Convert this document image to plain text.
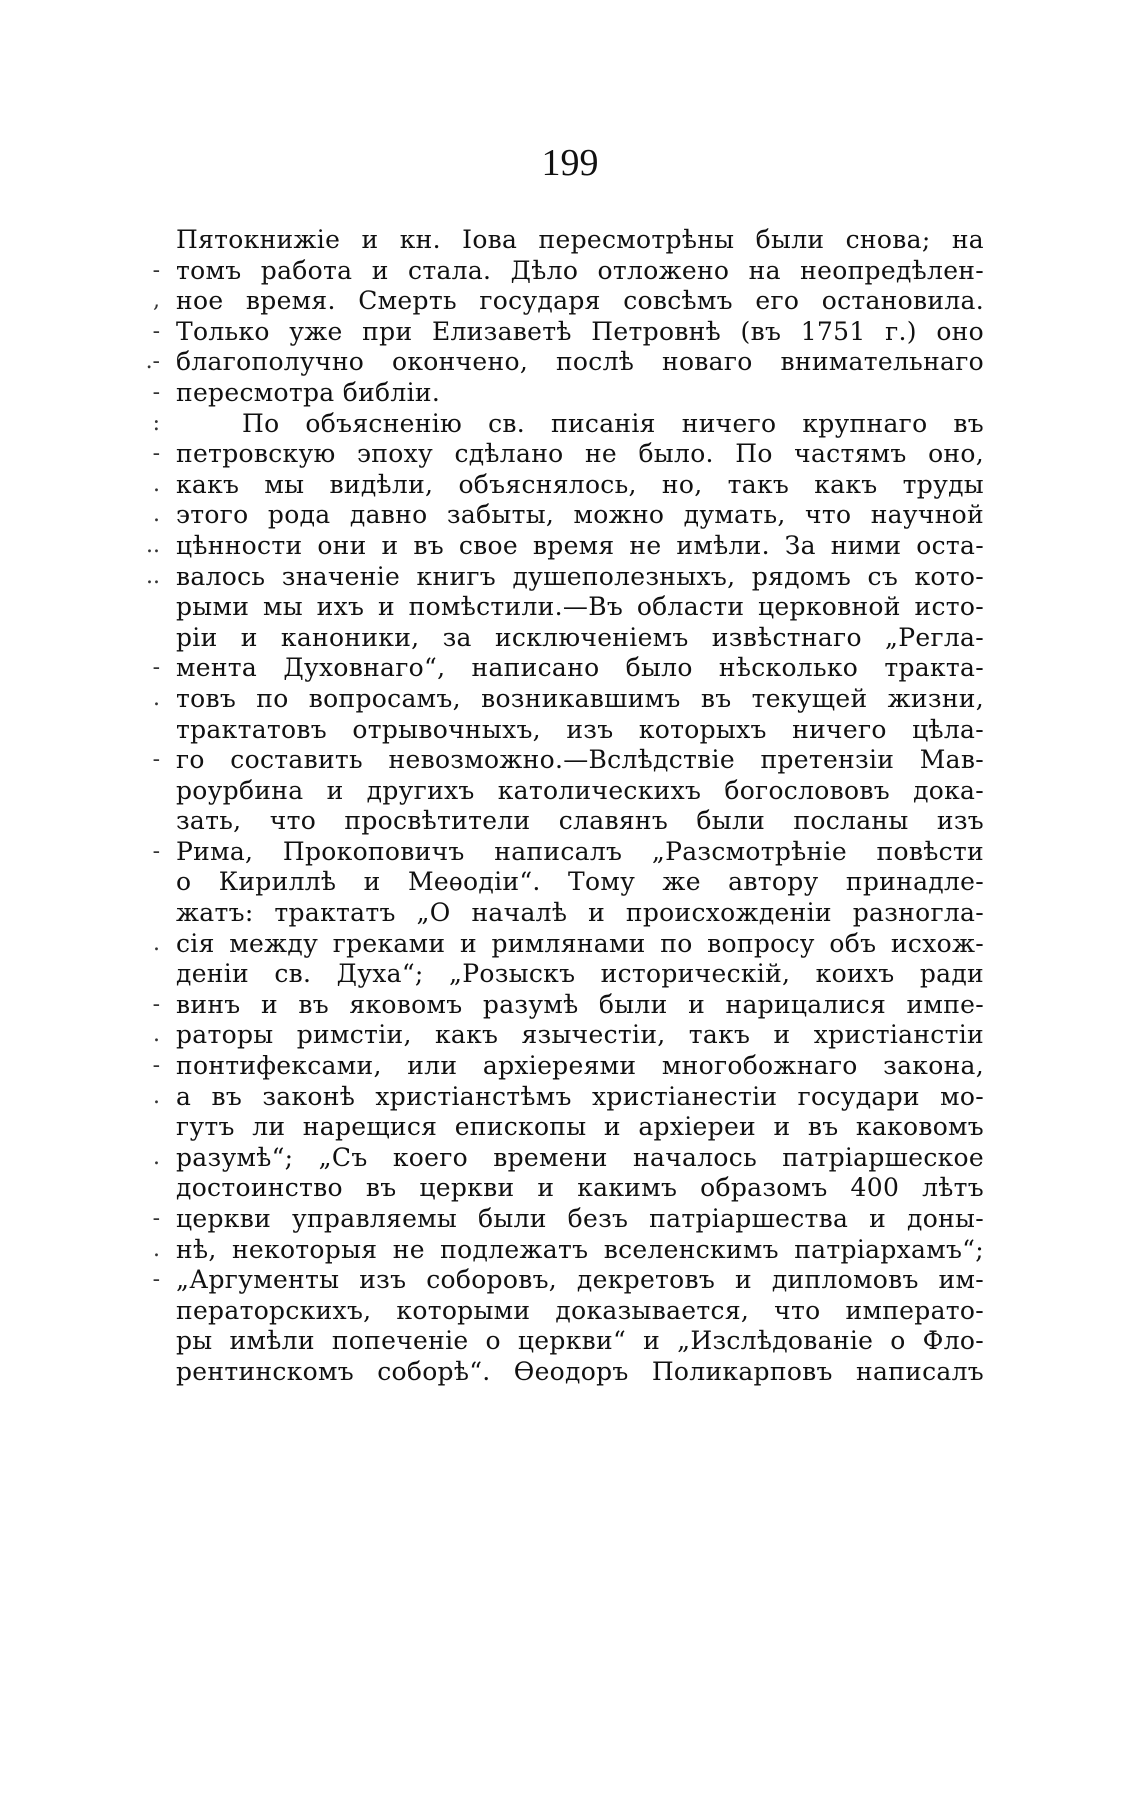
199
-
,
-
.-
-
:
-
.
.
..
..
-
.
-
-
.
-
.
-
.
.
-
.
-
Пятокнижіе и кн. Іова пересмотрѣны были снова; на
томъ работа и стала. Дѣло отложено на неопредѣлен-
ное время. Смерть государя совсѣмъ его остановила.
Только уже при Елизаветѣ Петровнѣ (въ 1751 г.) оно
благополучно окончено, послѣ новаго внимательнаго
пересмотра библіи.
По объясненію св. писанія ничего крупнаго въ
петровскую эпоху сдѣлано не было. По частямъ оно,
какъ мы видѣли, объяснялось, но, такъ какъ труды
этого рода давно забыты, можно думать, что научной
цѣнности они и въ свое время не имѣли. За ними оста-
валось значеніе книгъ душеполезныхъ, рядомъ съ кото-
рыми мы ихъ и помѣстили.—Въ области церковной исто-
ріи и каноники, за исключеніемъ извѣстнаго „Регла-
мента Духовнаго“, написано было нѣсколько тракта-
товъ по вопросамъ, возникавшимъ въ текущей жизни,
трактатовъ отрывочныхъ, изъ которыхъ ничего цѣла-
го составить невозможно.—Вслѣдствіе претензіи Мав-
роурбина и другихъ католическихъ богослововъ дока-
зать, что просвѣтители славянъ были посланы изъ
Рима, Прокоповичъ написалъ „Разсмотрѣніе повѣсти
о Кириллѣ и Меѳодіи“. Тому же автору принадле-
жатъ: трактатъ „О началѣ и происхожденіи разногла-
сія между греками и римлянами по вопросу объ исхож-
деніи св. Духа“; „Розыскъ историческій, коихъ ради
винъ и въ яковомъ разумѣ были и нарицалися импе-
раторы римстіи, какъ язычестіи, такъ и христіанстіи
понтифексами, или архіереями многобожнаго закона,
а въ законѣ христіанстѣмъ христіанестіи государи мо-
гутъ ли нарещися епископы и архіереи и въ каковомъ
разумѣ“; „Съ коего времени началось патріаршеское
достоинство въ церкви и какимъ образомъ 400 лѣтъ
церкви управляемы были безъ патріаршества и доны-
нѣ, некоторыя не подлежатъ вселенскимъ патріархамъ“;
„Аргументы изъ соборовъ, декретовъ и дипломовъ им-
ператорскихъ, которыми доказывается, что императо-
ры имѣли попеченіе о церкви“ и „Изслѣдованіе о Фло-
рентинскомъ соборѣ“. Ѳеодоръ Поликарповъ написалъ
